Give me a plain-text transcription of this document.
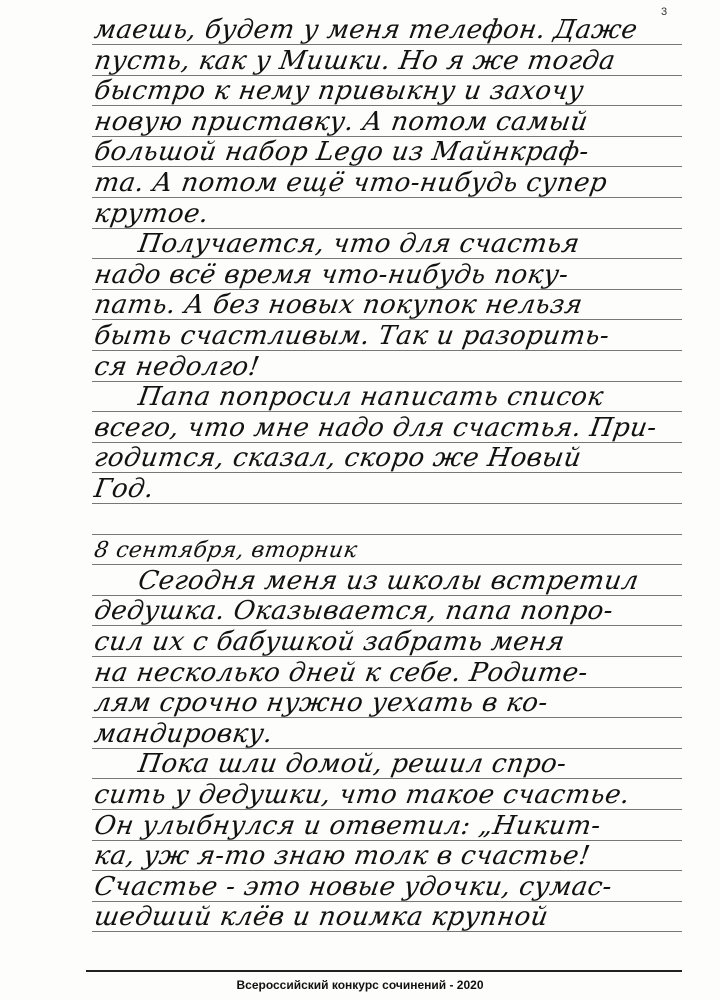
3
маешь, будет у меня телефон. Даже
пусть, как у Мишки. Но я же тогда
быстро к нему привыкну и захочу
новую приставку. А потом самый
большой набор Lego из Майнкраф-
та. А потом ещё что-нибудь супер
крутое.
Получается, что для счастья
надо всё время что-нибудь поку-
пать. А без новых покупок нельзя
быть счастливым. Так и разорить-
ся недолго!
Папа попросил написать список
всего, что мне надо для счастья. При-
годится, сказал, скоро же Новый
Год.
8 сентября, вторник
Сегодня меня из школы встретил
дедушка. Оказывается, папа попро-
сил их с бабушкой забрать меня
на несколько дней к себе. Родите-
лям срочно нужно уехать в ко-
мандировку.
Пока шли домой, решил спро-
сить у дедушки, что такое счастье.
Он улыбнулся и ответил: „Никит-
ка, уж я-то знаю толк в счастье!
Счастье - это новые удочки, сумас-
шедший клёв и поимка крупной
Всероссийский конкурс сочинений - 2020
